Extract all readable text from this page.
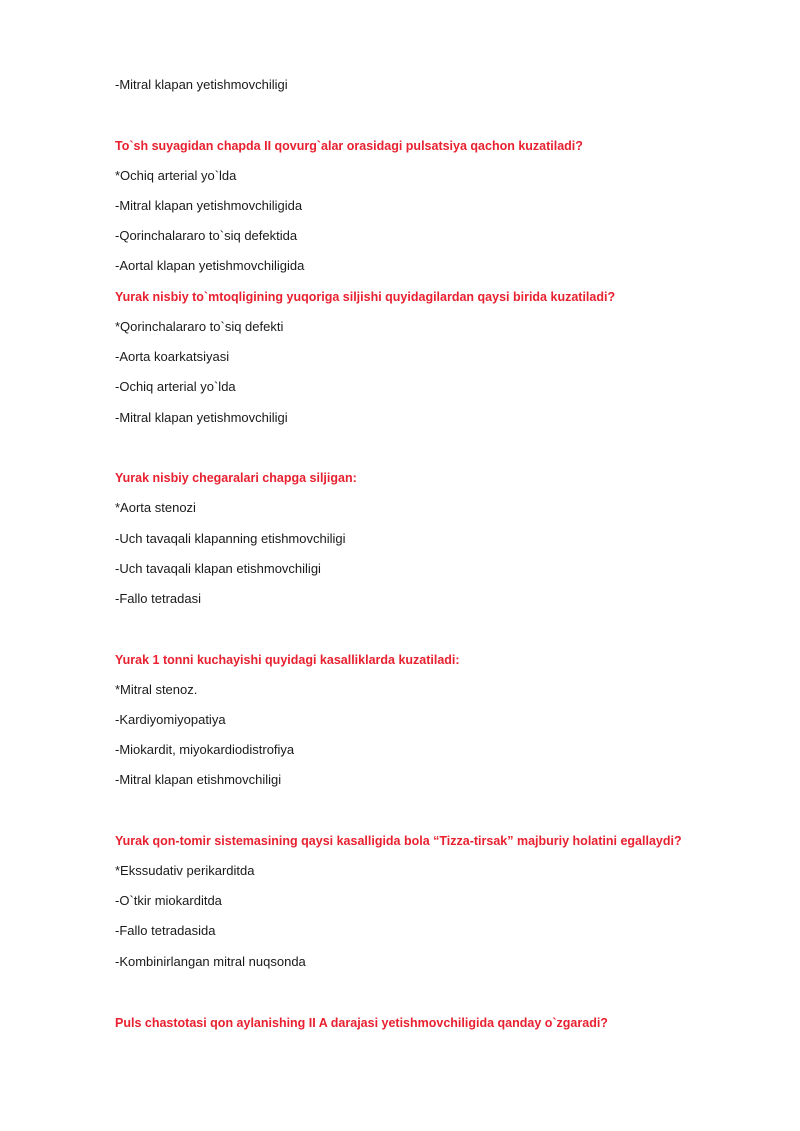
-Mitral klapan yetishmovchiligi
To`sh suyagidan chapda II qovurg`alar orasidagi pulsatsiya qachon kuzatiladi?
*Ochiq arterial yo`lda
-Mitral klapan yetishmovchiligida
-Qorinchalararo to`siq defektida
-Aortal klapan yetishmovchiligida
Yurak nisbiy to`mtoqligining yuqoriga siljishi quyidagilardan qaysi birida kuzatiladi?
*Qorinchalararo to`siq defekti
-Aorta koarkatsiyasi
-Ochiq arterial yo`lda
-Mitral klapan yetishmovchiligi
Yurak nisbiy chegaralari chapga siljigan:
*Aorta stenozi
-Uch tavaqali klapanning etishmovchiligi
-Uch tavaqali klapan etishmovchiligi
-Fallo tetradasi
Yurak 1 tonni kuchayishi quyidagi kasalliklarda kuzatiladi:
*Mitral stenoz.
-Kardiyomiyopatiya
-Miokardit, miyokardiodistrofiya
-Mitral klapan etishmovchiligi
Yurak qon-tomir sistemasining qaysi kasalligida bola “Tizza-tirsak” majburiy holatini egallaydi?
*Ekssudativ perikarditda
-O`tkir miokarditda
-Fallo tetradasida
-Kombinirlangan mitral nuqsonda
Puls chastotasi qon aylanishing II A darajasi yetishmovchiligida qanday o`zgaradi?
